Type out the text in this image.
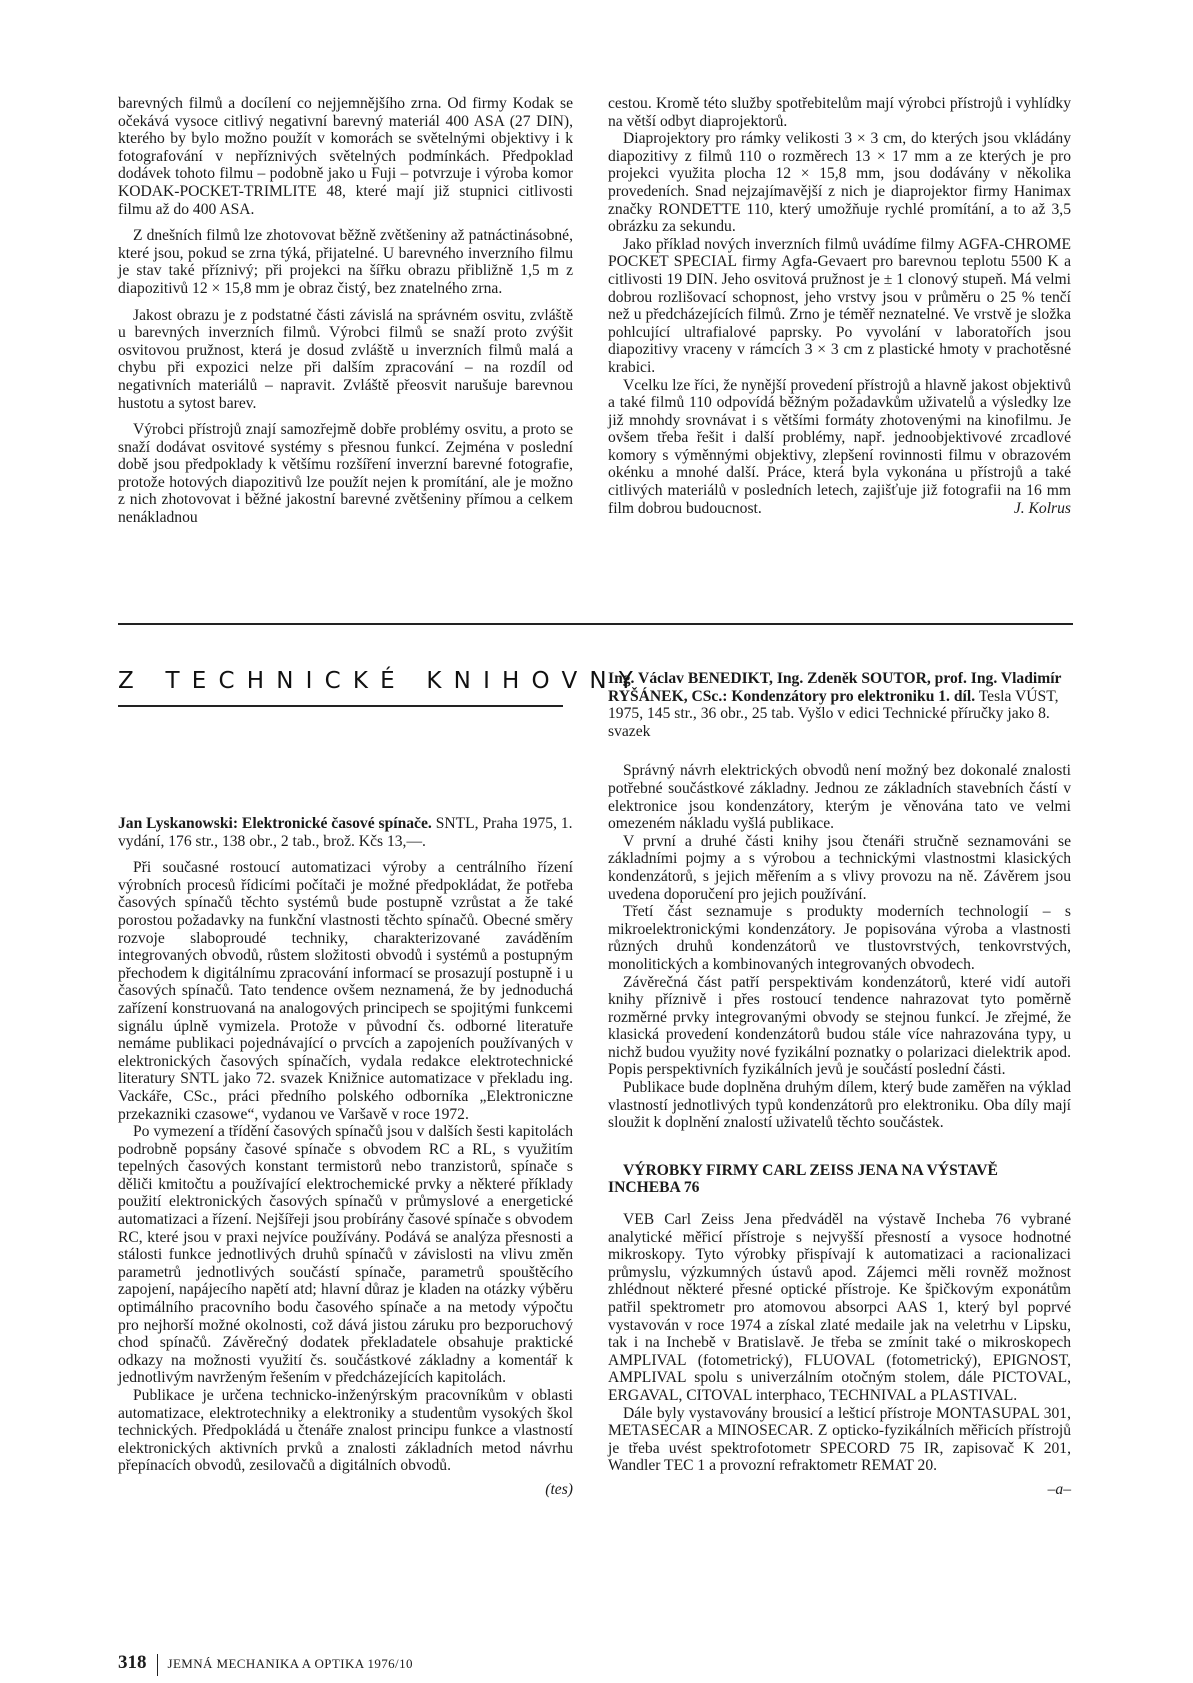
barevných filmů a docílení co nejjemnějšího zrna. Od firmy Kodak se očekává vysoce citlivý negativní barevný materiál 400 ASA (27 DIN), kterého by bylo možno použít v komorách se světelnými objektivy i k fotografování v nepříznivých světelných podmínkách. Předpoklad dodávek tohoto filmu – podobně jako u Fuji – potvrzuje i výroba komor KODAK-POCKET-TRIMLITE 48, které mají již stupnici citlivosti filmu až do 400 ASA.

Z dnešních filmů lze zhotovovat běžně zvětšeniny až patnáctinásobné, které jsou, pokud se zrna týká, přijatelné. U barevného inverzního filmu je stav také příznivý; při projekci na šířku obrazu přibližně 1,5 m z diapozitivů 12 × 15,8 mm je obraz čistý, bez znatelného zrna.

Jakost obrazu je z podstatné části závislá na správném osvitu, zvláště u barevných inverzních filmů. Výrobci filmů se snaží proto zvýšit osvitovou pružnost, která je dosud zvláště u inverzních filmů malá a chybu při expozici nelze při dalším zpracování – na rozdíl od negativních materiálů – napravit. Zvláště přeosvit narušuje barevnou hustotu a sytost barev.

Výrobci přístrojů znají samozřejmě dobře problémy osvitu, a proto se snaží dodávat osvitové systémy s přesnou funkcí. Zejména v poslední době jsou předpoklady k většímu rozšíření inverzní barevné fotografie, protože hotových diapozitivů lze použít nejen k promítání, ale je možno z nich zhotovovat i běžné jakostní barevné zvětšeniny přímou a celkem nenákladnou

cestou. Kromě této služby spotřebitelům mají výrobci přístrojů i vyhlídky na větší odbyt diaprojektorů.

Diaprojektory pro rámky velikosti 3 × 3 cm, do kterých jsou vkládány diapozitivy z filmů 110 o rozměrech 13 × 17 mm a ze kterých je pro projekci využita plocha 12 × 15,8 mm, jsou dodávány v několika provedeních. Snad nejzajímavější z nich je diaprojektor firmy Hanimax značky RONDETTE 110, který umožňuje rychlé promítání, a to až 3,5 obrázku za sekundu.

Jako příklad nových inverzních filmů uvádíme filmy AGFA-CHROME POCKET SPECIAL firmy Agfa-Gevaert pro barevnou teplotu 5500 K a citlivosti 19 DIN. Jeho osvitová pružnost je ± 1 clonový stupeň. Má velmi dobrou rozlišovací schopnost, jeho vrstvy jsou v průměru o 25 % tenčí než u předcházejících filmů. Zrno je téměř neznatelné. Ve vrstvě je složka pohlcující ultrafialové paprsky. Po vyvolání v laboratořích jsou diapozitivy vraceny v rámcích 3 × 3 cm z plastické hmoty v prachotěsné krabici.

Vcelku lze říci, že nynější provedení přístrojů a hlavně jakost objektivů a také filmů 110 odpovídá běžným požadavkům uživatelů a výsledky lze již mnohdy srovnávat i s většími formáty zhotovenými na kinofilmu. Je ovšem třeba řešit i další problémy, např. jednoobjektivové zrcadlové komory s výměnnými objektivy, zlepšení rovinnosti filmu v obrazovém okénku a mnohé další. Práce, která byla vykonána u přístrojů a také citlivých materiálů v posledních letech, zajišťuje již fotografii na 16 mm film dobrou budoucnost.	J. Kolrus

Z TECHNICKÉ KNIHOVNY

Jan Lyskanowski: Elektronické časové spínače. SNTL, Praha 1975, 1. vydání, 176 str., 138 obr., 2 tab., brož. Kčs 13,—.

Při současné rostoucí automatizaci výroby a centrálního řízení výrobních procesů řídicími počítači je možné předpokládat, že potřeba časových spínačů těchto systémů bude postupně vzrůstat a že také porostou požadavky na funkční vlastnosti těchto spínačů. Obecné směry rozvoje slaboproudé techniky, charakterizované zaváděním integrovaných obvodů, růstem složitosti obvodů i systémů a postupným přechodem k digitálnímu zpracování informací se prosazují postupně i u časových spínačů. Tato tendence ovšem neznamená, že by jednoduchá zařízení konstruovaná na analogových principech se spojitými funkcemi signálu úplně vymizela. Protože v původní čs. odborné literatuře nemáme publikaci pojednávající o prvcích a zapojeních používaných v elektronických časových spínačích, vydala redakce elektrotechnické literatury SNTL jako 72. svazek Knižnice automatizace v překladu ing. Vackáře, CSc., práci předního polského odborníka „Elektroniczne przekazniki czasowe“, vydanou ve Varšavě v roce 1972.

Po vymezení a třídění časových spínačů jsou v dalších šesti kapitolách podrobně popsány časové spínače s obvodem RC a RL, s využitím tepelných časových konstant termistorů nebo tranzistorů, spínače s děliči kmitočtu a používající elektrochemické prvky a některé příklady použití elektronických časových spínačů v průmyslové a energetické automatizaci a řízení. Nejšířeji jsou probírány časové spínače s obvodem RC, které jsou v praxi nejvíce používány. Podává se analýza přesnosti a stálosti funkce jednotlivých druhů spínačů v závislosti na vlivu změn parametrů jednotlivých součástí spínače, parametrů spouštěcího zapojení, napájecího napětí atd; hlavní důraz je kladen na otázky výběru optimálního pracovního bodu časového spínače a na metody výpočtu pro nejhorší možné okolnosti, což dává jistou záruku pro bezporuchový chod spínačů. Závěrečný dodatek překladatele obsahuje praktické odkazy na možnosti využití čs. součástkové základny a komentář k jednotlivým navrženým řešením v předcházejících kapitolách.

Publikace je určena technicko-inženýrským pracovníkům v oblasti automatizace, elektrotechniky a elektroniky a studentům vysokých škol technických. Předpokládá u čtenáře znalost principu funkce a vlastností elektronických aktivních prvků a znalosti základních metod návrhu přepínacích obvodů, zesilovačů a digitálních obvodů.

(tes)

Ing. Václav BENEDIKT, Ing. Zdeněk SOUTOR, prof. Ing. Vladimír RYŠÁNEK, CSc.: Kondenzátory pro elektroniku 1. díl. Tesla VÚST, 1975, 145 str., 36 obr., 25 tab. Vyšlo v edici Technické příručky jako 8. svazek

Správný návrh elektrických obvodů není možný bez dokonalé znalosti potřebné součástkové základny. Jednou ze základních stavebních částí v elektronice jsou kondenzátory, kterým je věnována tato ve velmi omezeném nákladu vyšlá publikace.

V první a druhé části knihy jsou čtenáři stručně seznamováni se základními pojmy a s výrobou a technickými vlastnostmi klasických kondenzátorů, s jejich měřením a s vlivy provozu na ně. Závěrem jsou uvedena doporučení pro jejich používání.

Třetí část seznamuje s produkty moderních technologií – s mikroelektronickými kondenzátory. Je popisována výroba a vlastnosti různých druhů kondenzátorů ve tlustovrstvých, tenkovrstvých, monolitických a kombinovaných integrovaných obvodech.

Závěrečná část patří perspektivám kondenzátorů, které vidí autoři knihy příznivě i přes rostoucí tendence nahrazovat tyto poměrně rozměrné prvky integrovanými obvody se stejnou funkcí. Je zřejmé, že klasická provedení kondenzátorů budou stále více nahrazována typy, u nichž budou využity nové fyzikální poznatky o polarizaci dielektrik apod. Popis perspektivních fyzikálních jevů je součástí poslední části.

Publikace bude doplněna druhým dílem, který bude zaměřen na výklad vlastností jednotlivých typů kondenzátorů pro elektroniku. Oba díly mají sloužit k doplnění znalostí uživatelů těchto součástek.

VÝROBKY FIRMY CARL ZEISS JENA NA VÝSTAVĚ INCHEBA 76

VEB Carl Zeiss Jena předváděl na výstavě Incheba 76 vybrané analytické měřicí přístroje s nejvyšší přesností a vysoce hodnotné mikroskopy. Tyto výrobky přispívají k automatizaci a racionalizaci průmyslu, výzkumných ústavů apod. Zájemci měli rovněž možnost zhlédnout některé přesné optické přístroje. Ke špičkovým exponátům patřil spektrometr pro atomovou absorpci AAS 1, který byl poprvé vystavován v roce 1974 a získal zlaté medaile jak na veletrhu v Lipsku, tak i na Inchebě v Bratislavě. Je třeba se zmínit také o mikroskopech AMPLIVAL (fotometrický), FLUOVAL (fotometrický), EPIGNOST, AMPLIVAL spolu s univerzálním otočným stolem, dále PICTOVAL, ERGAVAL, CITOVAL interphaco, TECHNIVAL a PLASTIVAL.

Dále byly vystavovány brousicí a lešticí přístroje MONTASUPAL 301, METASECAR a MINOSECAR. Z opticko-fyzikálních měřicích přístrojů je třeba uvést spektrofotometr SPECORD 75 IR, zapisovač K 201, Wandler TEC 1 a provozní refraktometr REMAT 20.

–a–
318 JEMNÁ MECHANIKA A OPTIKA 1976/10
